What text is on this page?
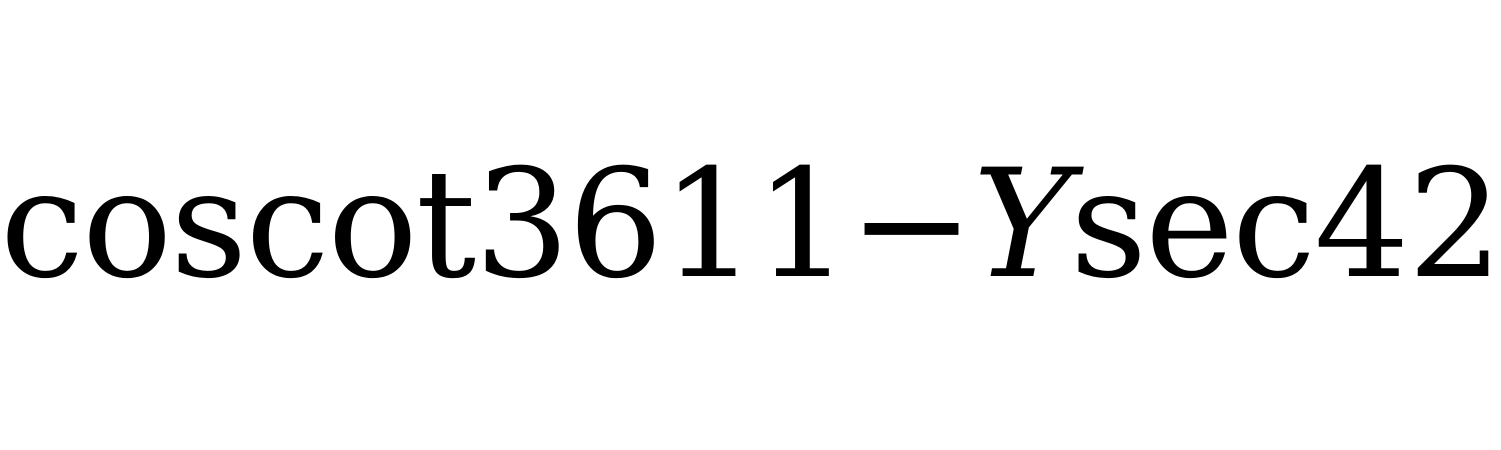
cos cot 3611 − Y sec 42
